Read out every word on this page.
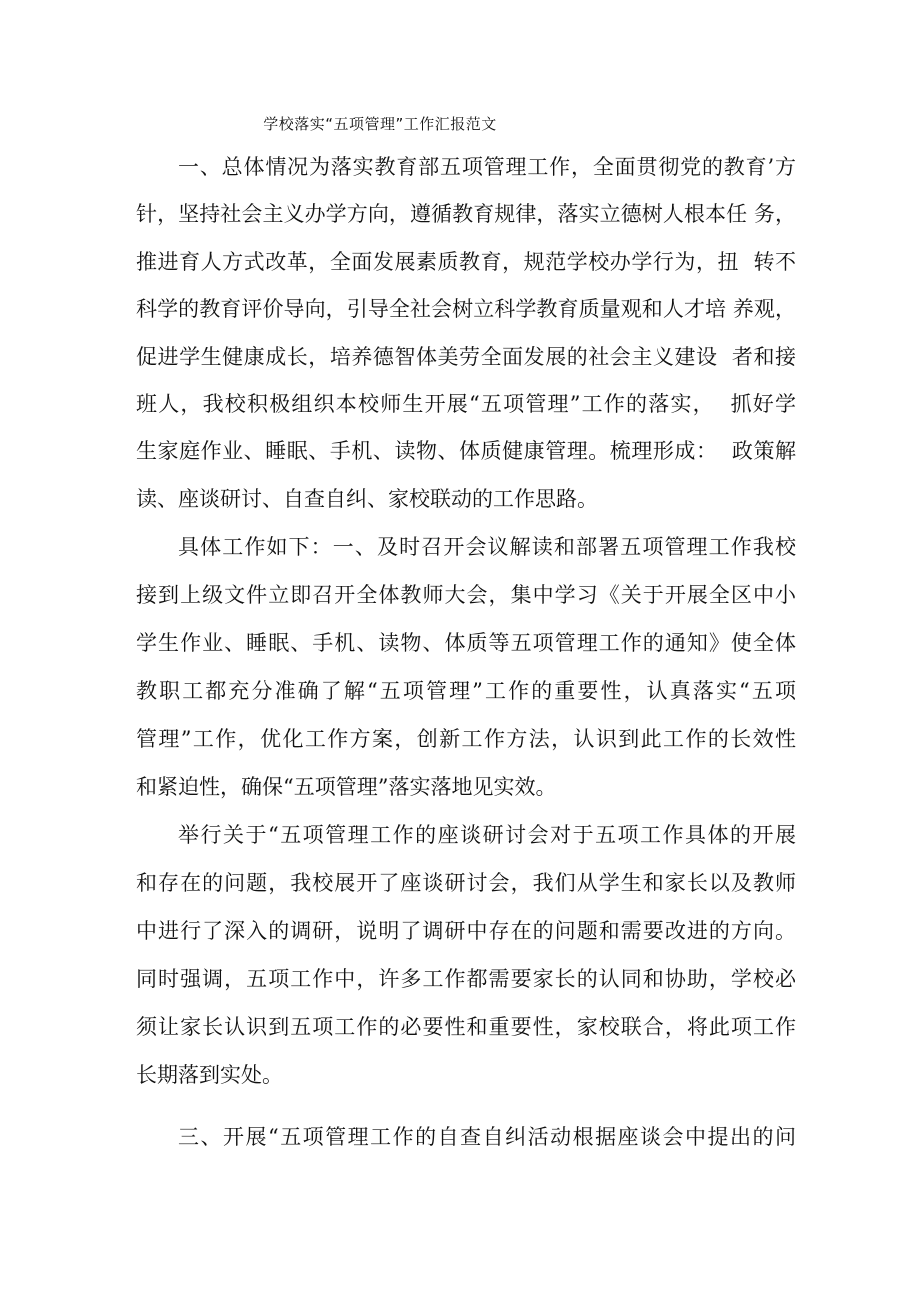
学校落实“五项管理”工作汇报范文
一、总体情况为落实教育部五项管理工作，全面贯彻党的教育’方
针，坚持社会主义办学方向，遵循教育规律，落实立德树人根本任 务，
推进育人方式改革，全面发展素质教育，规范学校办学行为，扭  转不
科学的教育评价导向，引导全社会树立科学教育质量观和人才培 养观，
促进学生健康成长，培养德智体美劳全面发展的社会主义建设  者和接
班人，我校积极组织本校师生开展“五项管理”工作的落实，  抓好学
生家庭作业、睡眠、手机、读物、体质健康管理。梳理形成：  政策解
读、座谈研讨、自查自纠、家校联动的工作思路。
具体工作如下：一、及时召开会议解读和部署五项管理工作我校
接到上级文件立即召开全体教师大会，集中学习《关于开展全区中小
学生作业、睡眠、手机、读物、体质等五项管理工作的通知》使全体
教职工都充分准确了解“五项管理”工作的重要性，认真落实“五项
管理”工作，优化工作方案，创新工作方法，认识到此工作的长效性
和紧迫性，确保“五项管理”落实落地见实效。
举行关于“五项管理工作的座谈研讨会对于五项工作具体的开展
和存在的问题，我校展开了座谈研讨会，我们从学生和家长以及教师
中进行了深入的调研，说明了调研中存在的问题和需要改进的方向。
同时强调，五项工作中，许多工作都需要家长的认同和协助，学校必
须让家长认识到五项工作的必要性和重要性，家校联合，将此项工作
长期落到实处。
三、开展“五项管理工作的自查自纠活动根据座谈会中提出的问
